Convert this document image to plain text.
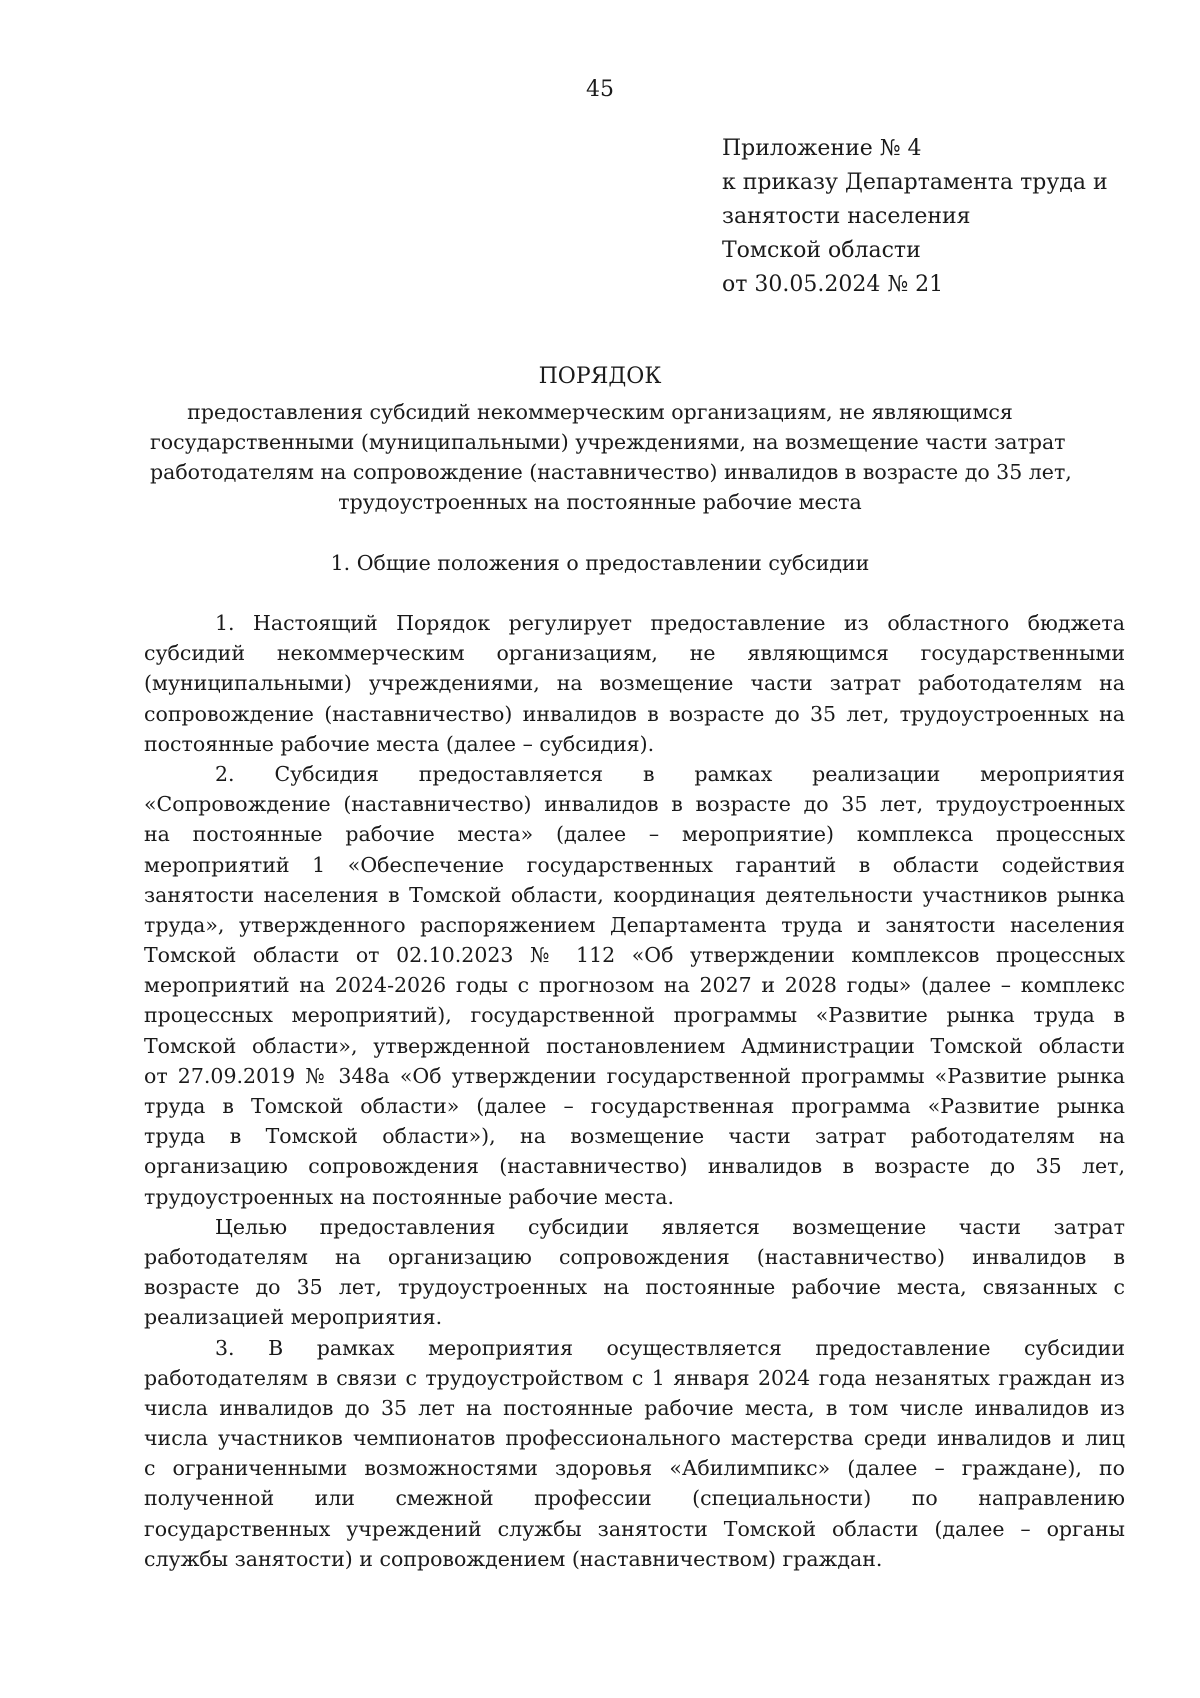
45
Приложение № 4
к приказу Департамента труда и
занятости населения
Томской области
от 30.05.2024 № 21
ПОРЯДОК
предоставления субсидий некоммерческим организациям, не являющимся
государственными (муниципальными) учреждениями, на возмещение части затрат
работодателям на сопровождение (наставничество) инвалидов в возрасте до 35 лет,
трудоустроенных на постоянные рабочие места
1. Общие положения о предоставлении субсидии
1. Настоящий Порядок регулирует предоставление из областного бюджета
субсидий некоммерческим организациям, не являющимся государственными
(муниципальными) учреждениями, на возмещение части затрат работодателям на
сопровождение (наставничество) инвалидов в возрасте до 35 лет, трудоустроенных на
постоянные рабочие места (далее – субсидия).
2. Субсидия предоставляется в рамках реализации мероприятия
«Сопровождение (наставничество) инвалидов в возрасте до 35 лет, трудоустроенных
на постоянные рабочие места» (далее – мероприятие) комплекса процессных
мероприятий 1 «Обеспечение государственных гарантий в области содействия
занятости населения в Томской области, координация деятельности участников рынка
труда», утвержденного распоряжением Департамента труда и занятости населения
Томской области от 02.10.2023 № 112 «Об утверждении комплексов процессных
мероприятий на 2024-2026 годы с прогнозом на 2027 и 2028 годы» (далее – комплекс
процессных мероприятий), государственной программы «Развитие рынка труда в
Томской области», утвержденной постановлением Администрации Томской области
от 27.09.2019 № 348а «Об утверждении государственной программы «Развитие рынка
труда в Томской области» (далее – государственная программа «Развитие рынка
труда в Томской области»), на возмещение части затрат работодателям на
организацию сопровождения (наставничество) инвалидов в возрасте до 35 лет,
трудоустроенных на постоянные рабочие места.
Целью предоставления субсидии является возмещение части затрат
работодателям на организацию сопровождения (наставничество) инвалидов в
возрасте до 35 лет, трудоустроенных на постоянные рабочие места, связанных с
реализацией мероприятия.
3. В рамках мероприятия осуществляется предоставление субсидии
работодателям в связи с трудоустройством с 1 января 2024 года незанятых граждан из
числа инвалидов до 35 лет на постоянные рабочие места, в том числе инвалидов из
числа участников чемпионатов профессионального мастерства среди инвалидов и лиц
с ограниченными возможностями здоровья «Абилимпикс» (далее – граждане), по
полученной или смежной профессии (специальности) по направлению
государственных учреждений службы занятости Томской области (далее – органы
службы занятости) и сопровождением (наставничеством) граждан.
